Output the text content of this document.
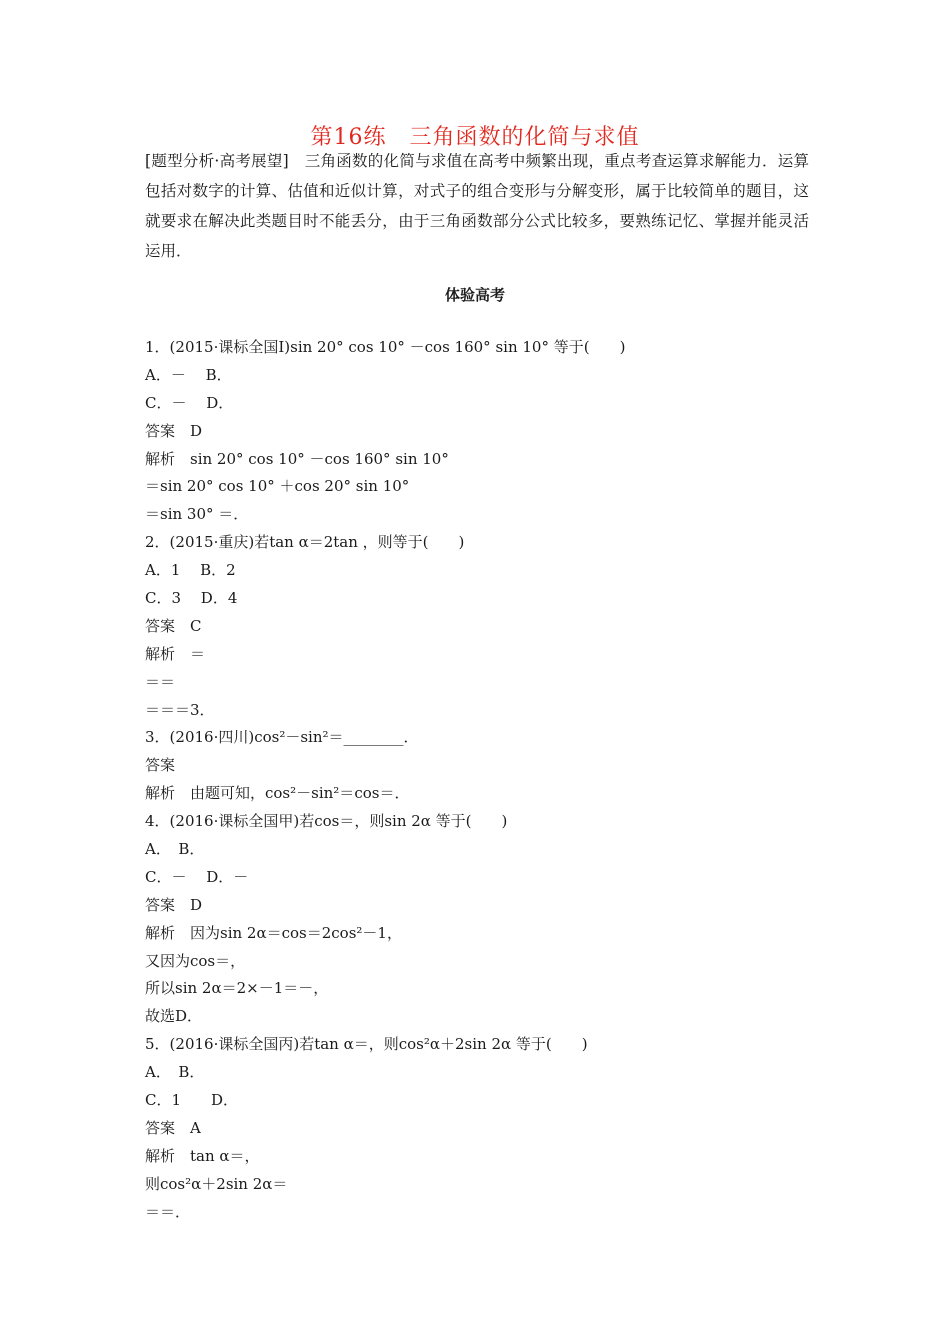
第16练　三角函数的化简与求值
[题型分析·高考展望]　三角函数的化简与求值在高考中频繁出现，重点考查运算求解能力．运算包括对数字的计算、估值和近似计算，对式子的组合变形与分解变形，属于比较简单的题目，这就要求在解决此类题目时不能丢分，由于三角函数部分公式比较多，要熟练记忆、掌握并能灵活运用．
体验高考
1．(2015·课标全国Ⅰ)sin 20° cos 10° －cos 160° sin 10° 等于(　　)
A．－　 B．
C．－　 D．
答案　D
解析　sin 20° cos 10° －cos 160° sin 10°
＝sin 20° cos 10° ＋cos 20° sin 10°
＝sin 30° ＝．
2．(2015·重庆)若tan α＝2tan ，则等于(　　)
A．1　 B．2
C．3　 D．4
答案　C
解析　＝
＝＝
＝＝＝3．
3．(2016·四川)cos²－sin²＝________．
答案
解析　由题可知，cos²－sin²＝cos＝．
4．(2016·课标全国甲)若cos＝，则sin 2α 等于(　　)
A．　B．
C．－　 D．－
答案　D
解析　因为sin 2α＝cos＝2cos²－1，
又因为cos＝，
所以sin 2α＝2×－1＝－，
故选D．
5．(2016·课标全国丙)若tan α＝，则cos²α＋2sin 2α 等于(　　)
A．　B．
C．1　　D．
答案　A
解析　tan α＝，
则cos²α＋2sin 2α＝
＝＝．
